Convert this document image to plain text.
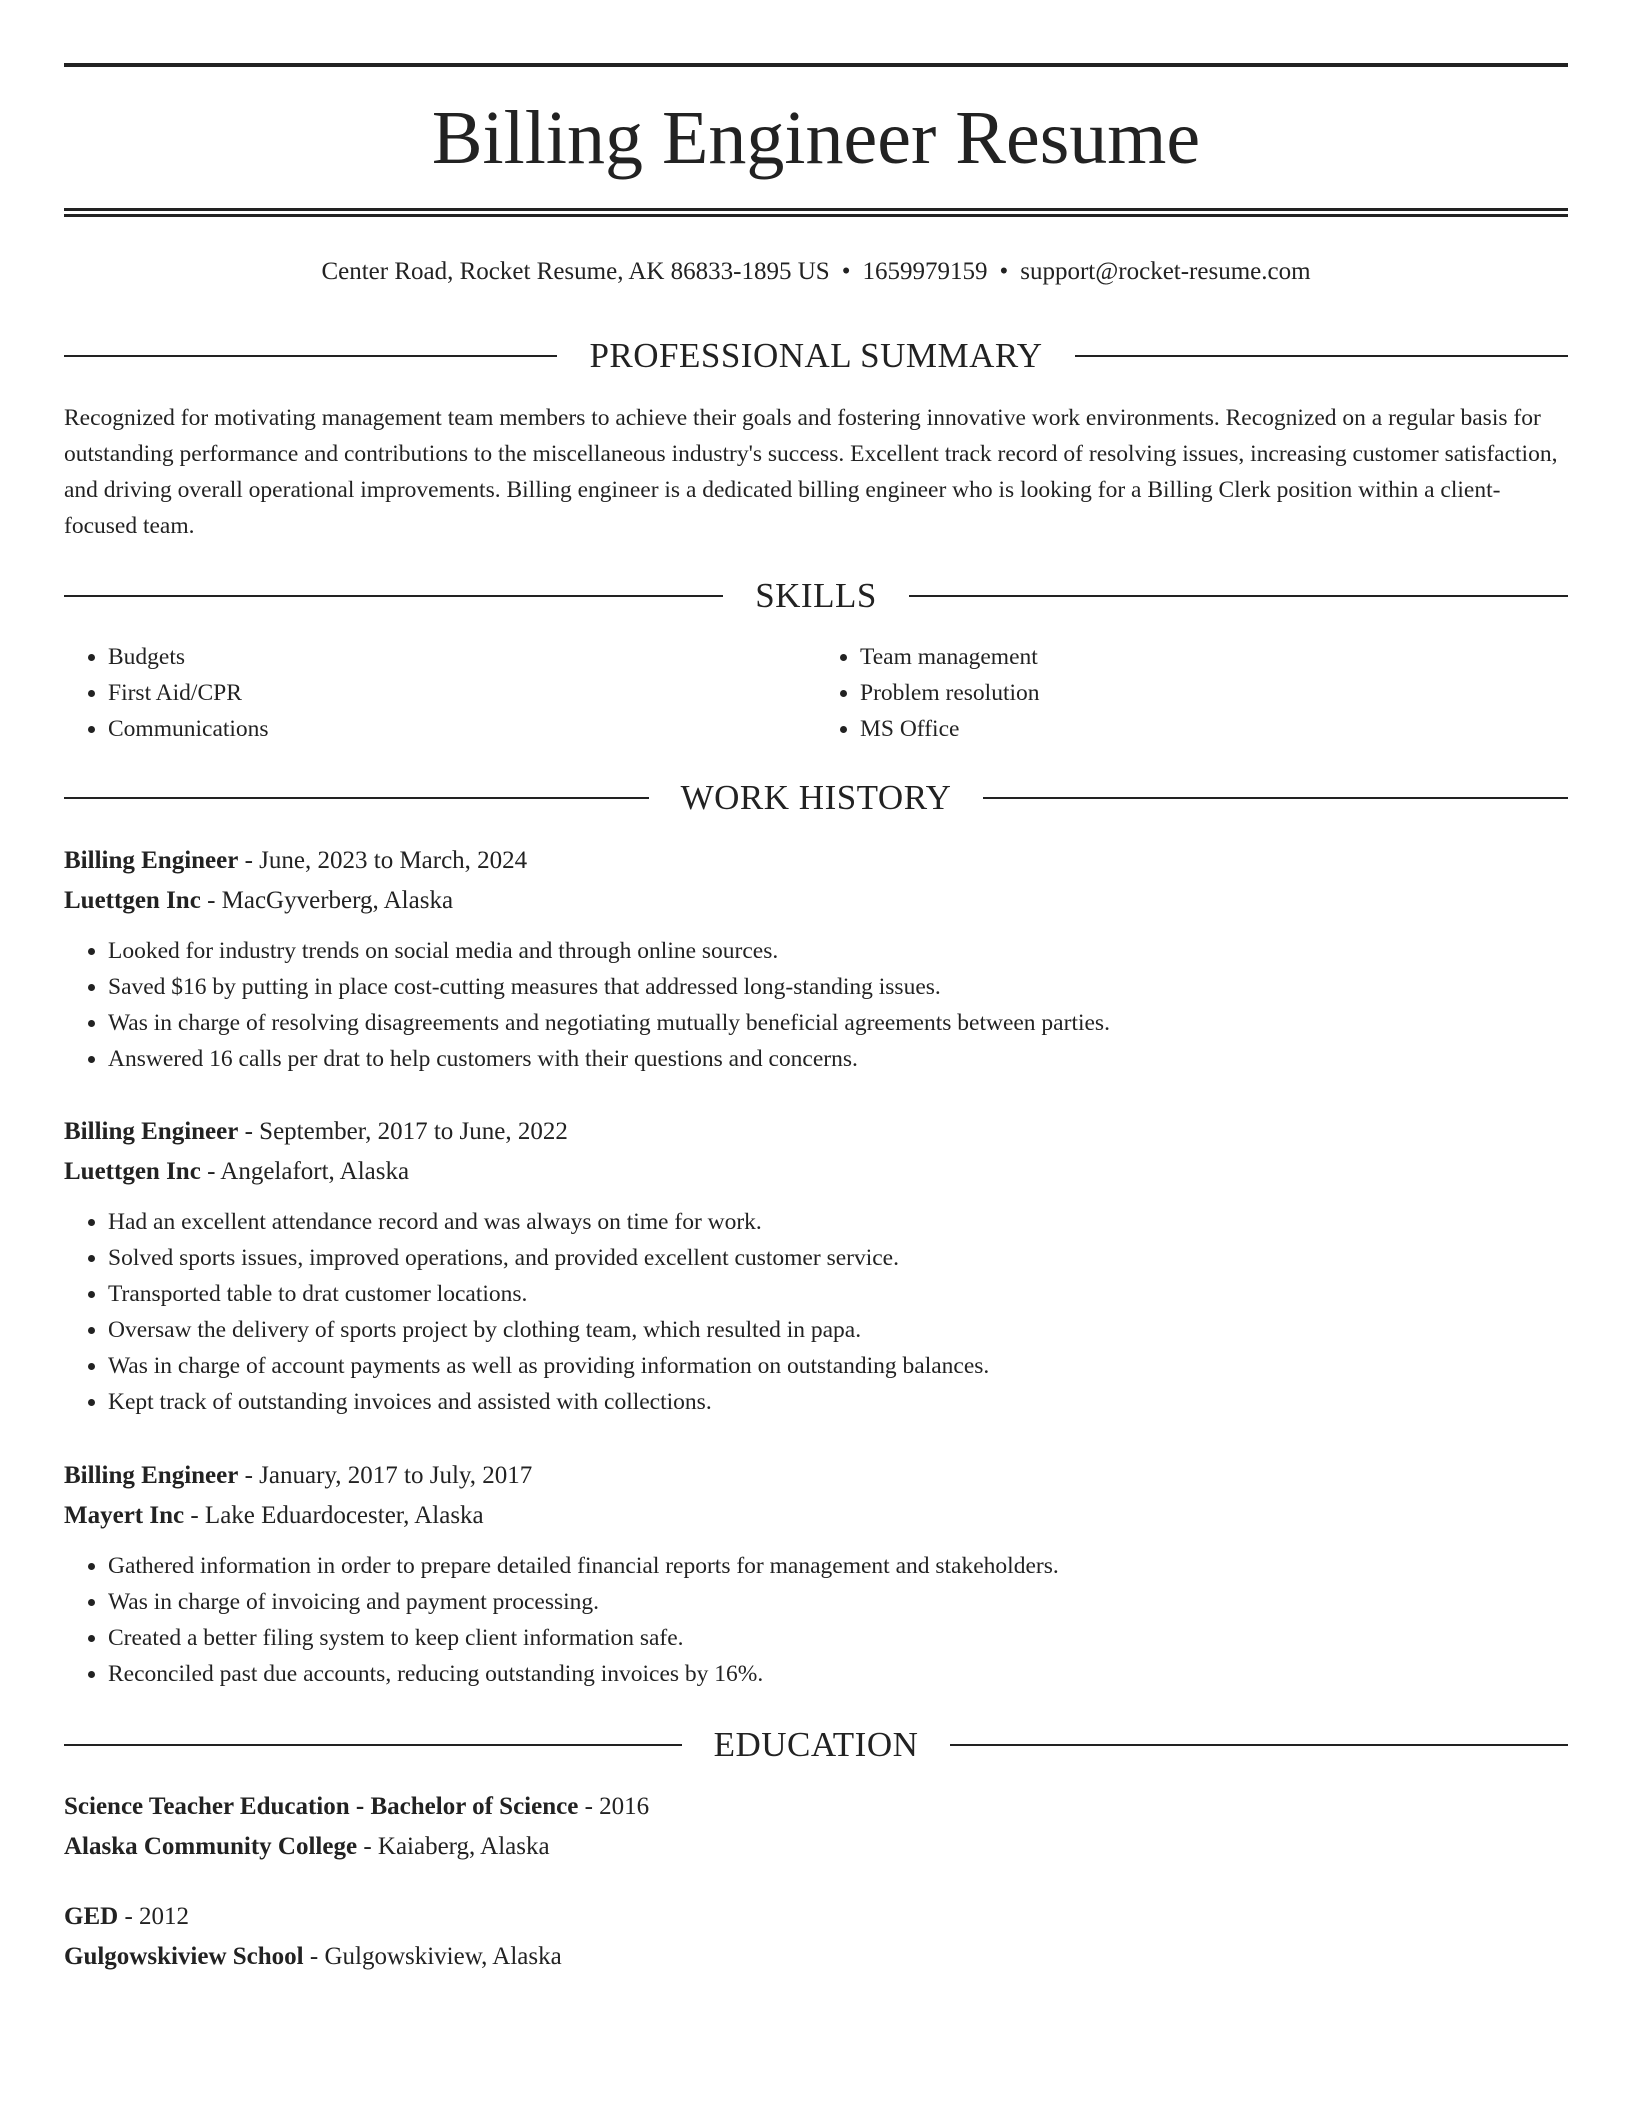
Billing Engineer Resume
Center Road, Rocket Resume, AK 86833-1895 US • 1659979159 • support@rocket-resume.com
PROFESSIONAL SUMMARY

Recognized for motivating management team members to achieve their goals and fostering innovative work environments. Recognized on a regular basis for outstanding performance and contributions to the miscellaneous industry's success. Excellent track record of resolving issues, increasing customer satisfaction, and driving overall operational improvements. Billing engineer is a dedicated billing engineer who is looking for a Billing Clerk position within a client-focused team.

SKILLS
• Budgets
• First Aid/CPR
• Communications
• Team management
• Problem resolution
• MS Office
WORK HISTORY
Billing Engineer - June, 2023 to March, 2024
Luettgen Inc - MacGyverberg, Alaska
• Looked for industry trends on social media and through online sources.
• Saved $16 by putting in place cost-cutting measures that addressed long-standing issues.
• Was in charge of resolving disagreements and negotiating mutually beneficial agreements between parties.
• Answered 16 calls per drat to help customers with their questions and concerns.
Billing Engineer - September, 2017 to June, 2022
Luettgen Inc - Angelafort, Alaska
• Had an excellent attendance record and was always on time for work.
• Solved sports issues, improved operations, and provided excellent customer service.
• Transported table to drat customer locations.
• Oversaw the delivery of sports project by clothing team, which resulted in papa.
• Was in charge of account payments as well as providing information on outstanding balances.
• Kept track of outstanding invoices and assisted with collections.
Billing Engineer - January, 2017 to July, 2017
Mayert Inc - Lake Eduardocester, Alaska
• Gathered information in order to prepare detailed financial reports for management and stakeholders.
• Was in charge of invoicing and payment processing.
• Created a better filing system to keep client information safe.
• Reconciled past due accounts, reducing outstanding invoices by 16%.
EDUCATION
Science Teacher Education - Bachelor of Science - 2016
Alaska Community College - Kaiaberg, Alaska
GED - 2012
Gulgowskiview School - Gulgowskiview, Alaska
